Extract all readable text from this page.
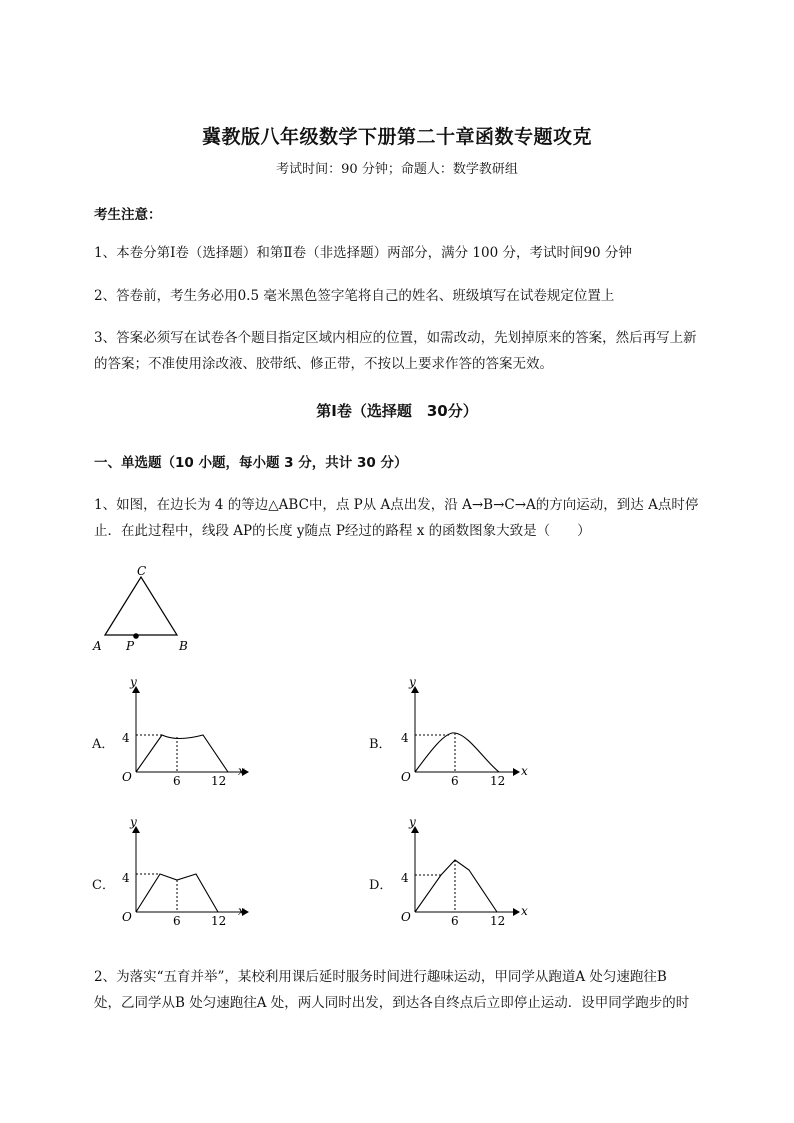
冀教版八年级数学下册第二十章函数专题攻克
考试时间：90 分钟；命题人：数学教研组
考生注意：
1、本卷分第Ⅰ卷（选择题）和第Ⅱ卷（非选择题）两部分，满分 100 分，考试时间90 分钟
2、答卷前，考生务必用0.5 毫米黑色签字笔将自己的姓名、班级填写在试卷规定位置上
3、答案必须写在试卷各个题目指定区域内相应的位置，如需改动，先划掉原来的答案，然后再写上新
的答案；不准使用涂改液、胶带纸、修正带，不按以上要求作答的答案无效。
第Ⅰ卷（选择题　30分）
一、单选题（10 小题，每小题 3 分，共计 30 分）
1、如图，在边长为 4 的等边△ABC中，点 P从 A点出发，沿 A→B→C→A的方向运动，到达 A点时停
止．在此过程中，线段 AP的长度 y随点 P经过的路程 x 的函数图象大致是（　　）
C
A	B
P
A．
y
x
O
4
6	12
B．
y
x
O
4
6	12
C．
y
x
O
4
6	12
D．
y
x
O
4
6	12
2、为落实“五育并举”，某校利用课后延时服务时间进行趣味运动，甲同学从跑道A 处匀速跑往B
处，乙同学从B 处匀速跑往A 处，两人同时出发，到达各自终点后立即停止运动．设甲同学跑步的时
